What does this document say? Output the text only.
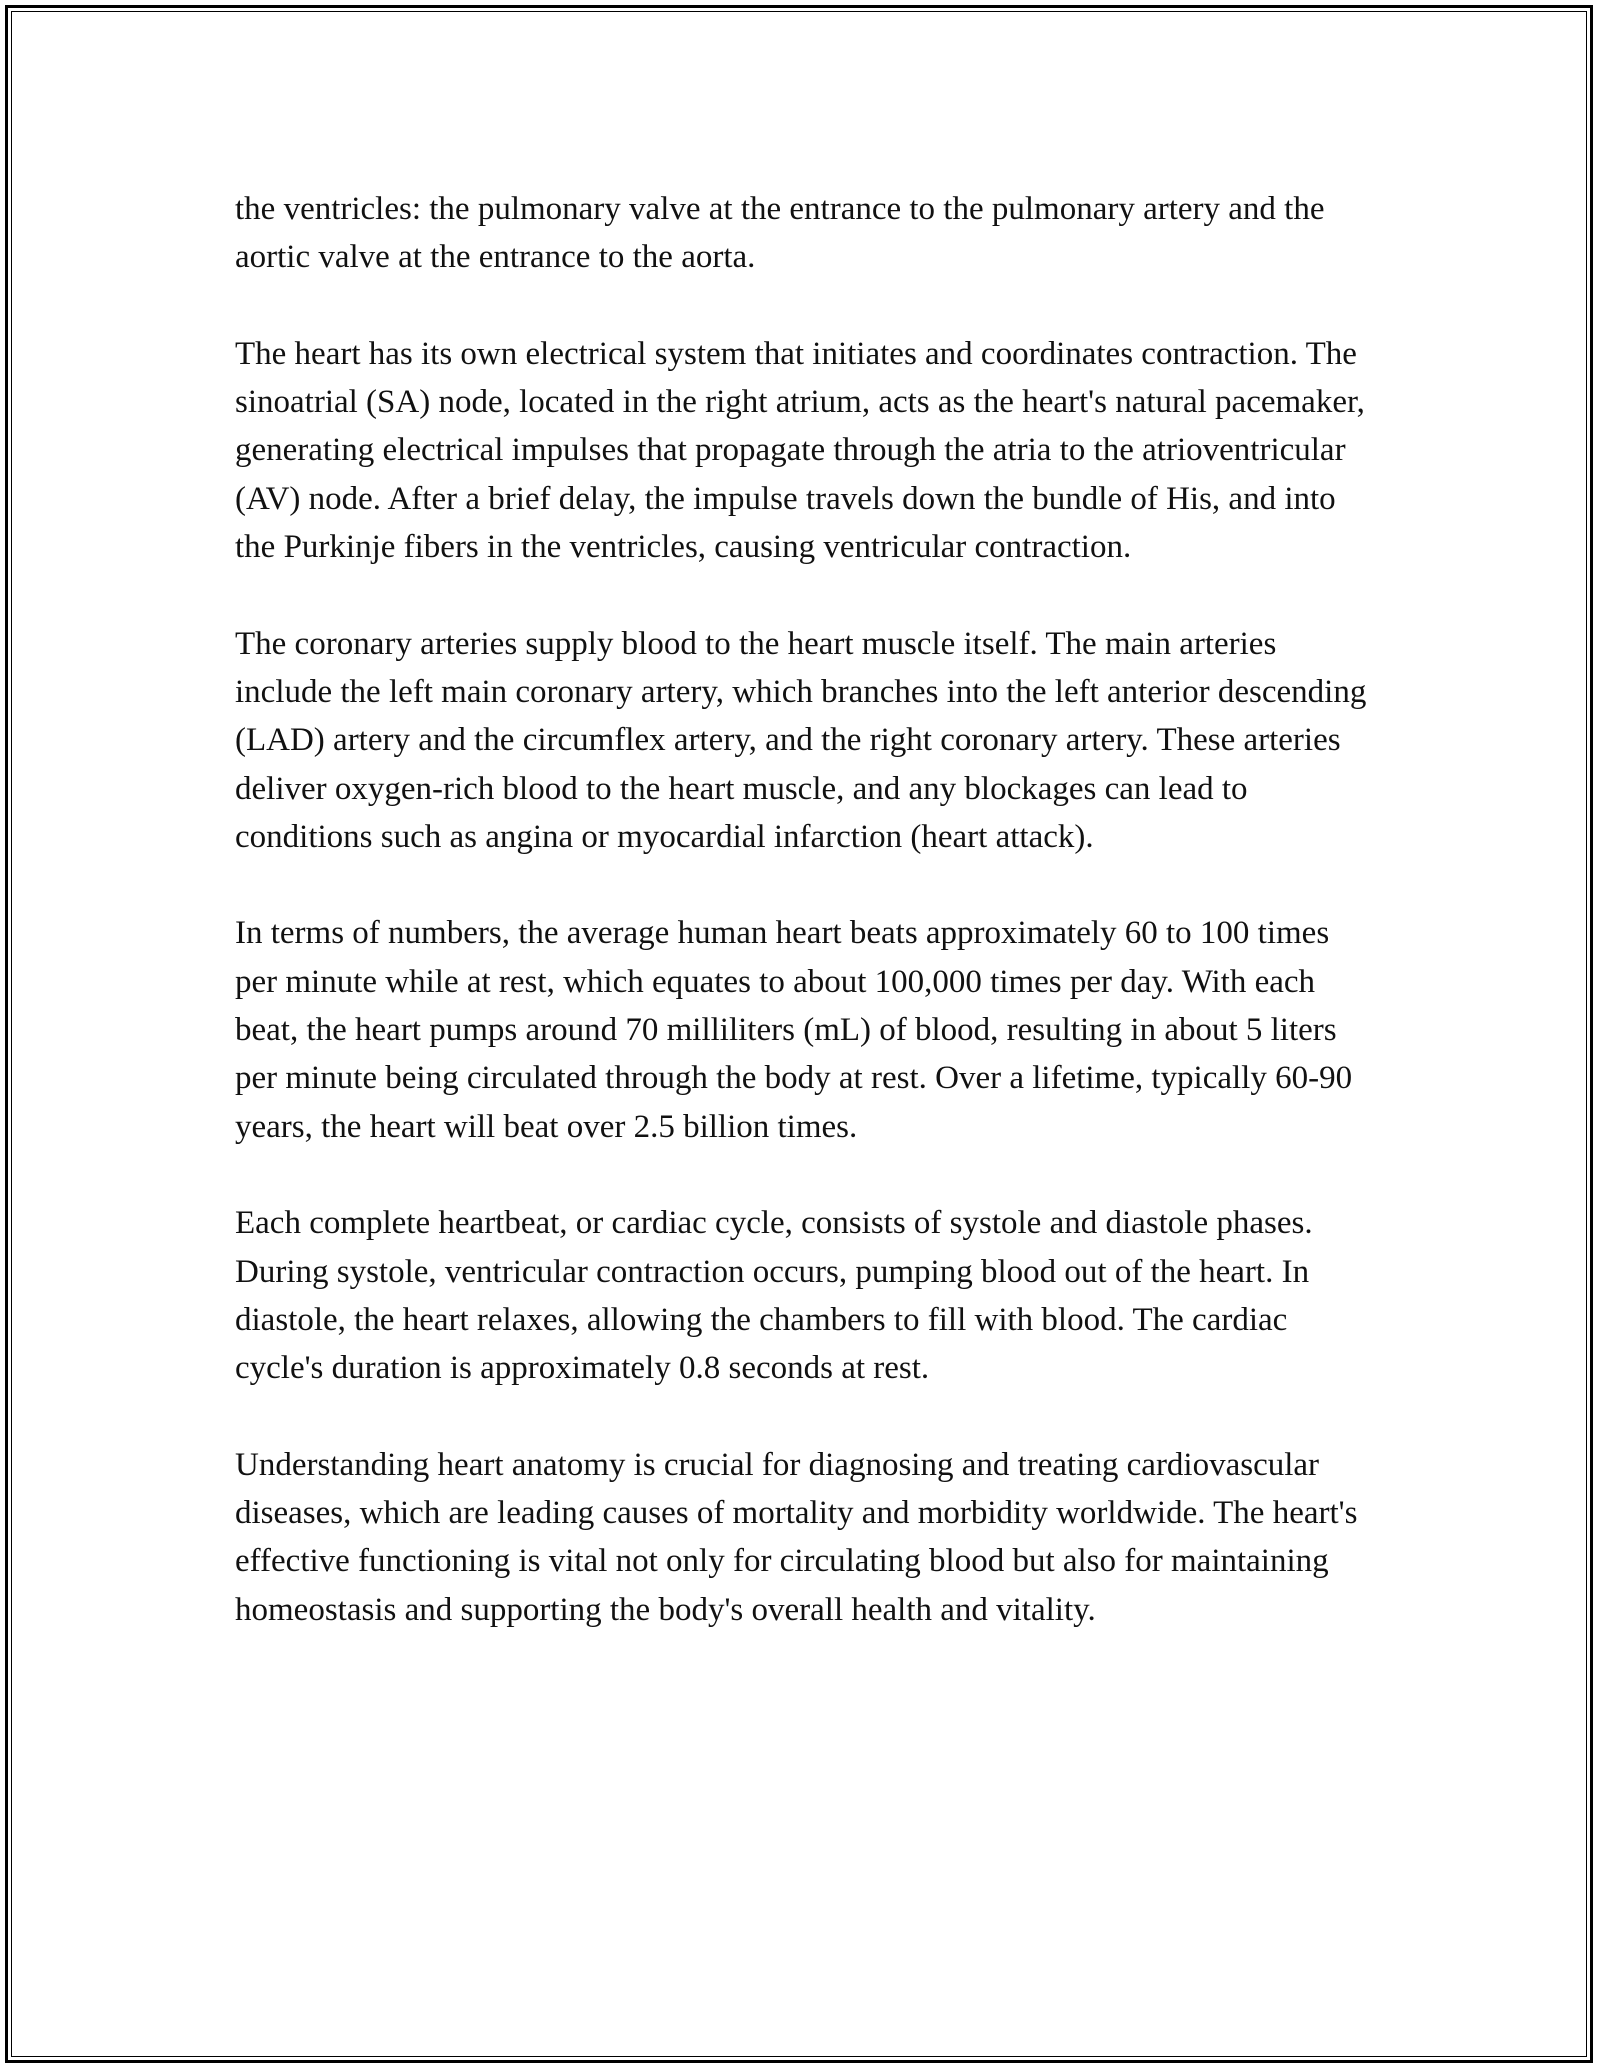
the ventricles: the pulmonary valve at the entrance to the pulmonary artery and the aortic valve at the entrance to the aorta.

The heart has its own electrical system that initiates and coordinates contraction. The sinoatrial (SA) node, located in the right atrium, acts as the heart's natural pacemaker, generating electrical impulses that propagate through the atria to the atrioventricular (AV) node. After a brief delay, the impulse travels down the bundle of His, and into the Purkinje fibers in the ventricles, causing ventricular contraction.

The coronary arteries supply blood to the heart muscle itself. The main arteries include the left main coronary artery, which branches into the left anterior descending (LAD) artery and the circumflex artery, and the right coronary artery. These arteries deliver oxygen-rich blood to the heart muscle, and any blockages can lead to conditions such as angina or myocardial infarction (heart attack).

In terms of numbers, the average human heart beats approximately 60 to 100 times per minute while at rest, which equates to about 100,000 times per day. With each beat, the heart pumps around 70 milliliters (mL) of blood, resulting in about 5 liters per minute being circulated through the body at rest. Over a lifetime, typically 60-90 years, the heart will beat over 2.5 billion times.

Each complete heartbeat, or cardiac cycle, consists of systole and diastole phases. During systole, ventricular contraction occurs, pumping blood out of the heart. In diastole, the heart relaxes, allowing the chambers to fill with blood. The cardiac cycle's duration is approximately 0.8 seconds at rest.

Understanding heart anatomy is crucial for diagnosing and treating cardiovascular diseases, which are leading causes of mortality and morbidity worldwide. The heart's effective functioning is vital not only for circulating blood but also for maintaining homeostasis and supporting the body's overall health and vitality.
